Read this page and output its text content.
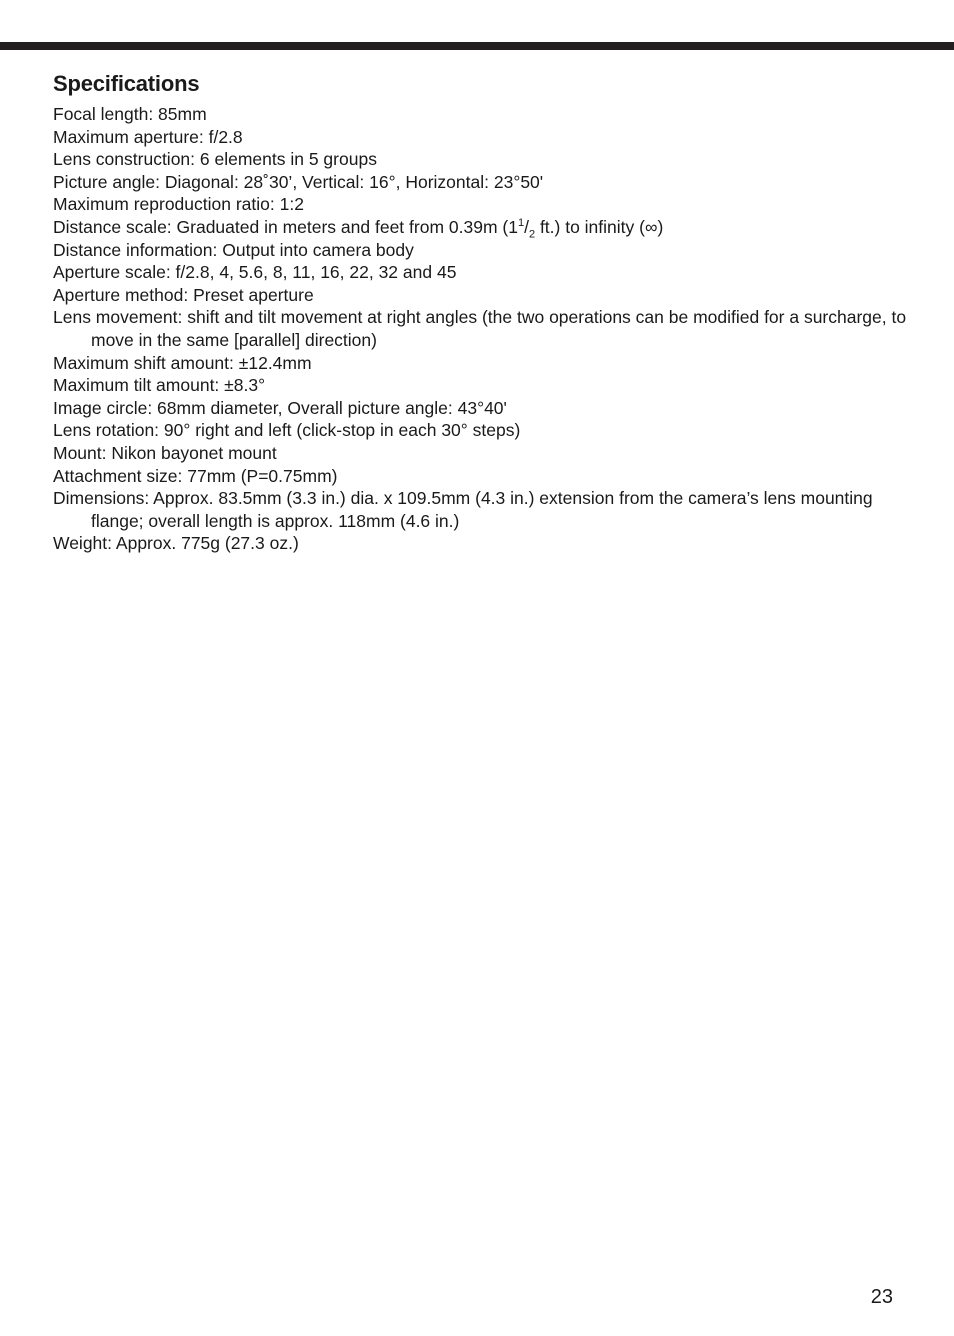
Specifications
Focal length: 85mm
Maximum aperture: f/2.8
Lens construction: 6 elements in 5 groups
Picture angle: Diagonal: 28˚30’, Vertical: 16°, Horizontal: 23°50'
Maximum reproduction ratio: 1:2
Distance scale: Graduated in meters and feet from 0.39m ($1^1/_2$ ft.) to infinity (∞)
Distance information: Output into camera body
Aperture scale: f/2.8, 4, 5.6, 8, 11, 16, 22, 32 and 45
Aperture method: Preset aperture
Lens movement: shift and tilt movement at right angles (the two operations can be modified for a surcharge, to move in the same [parallel] direction)
Maximum shift amount: ±12.4mm
Maximum tilt amount: ±8.3°
Image circle: 68mm diameter, Overall picture angle: 43°40'
Lens rotation: 90° right and left (click-stop in each 30° steps)
Mount: Nikon bayonet mount
Attachment size: 77mm (P=0.75mm)
Dimensions: Approx. 83.5mm (3.3 in.) dia. x 109.5mm (4.3 in.) extension from the camera’s lens mounting flange; overall length is approx. 118mm (4.6 in.)
Weight: Approx. 775g (27.3 oz.)
23
